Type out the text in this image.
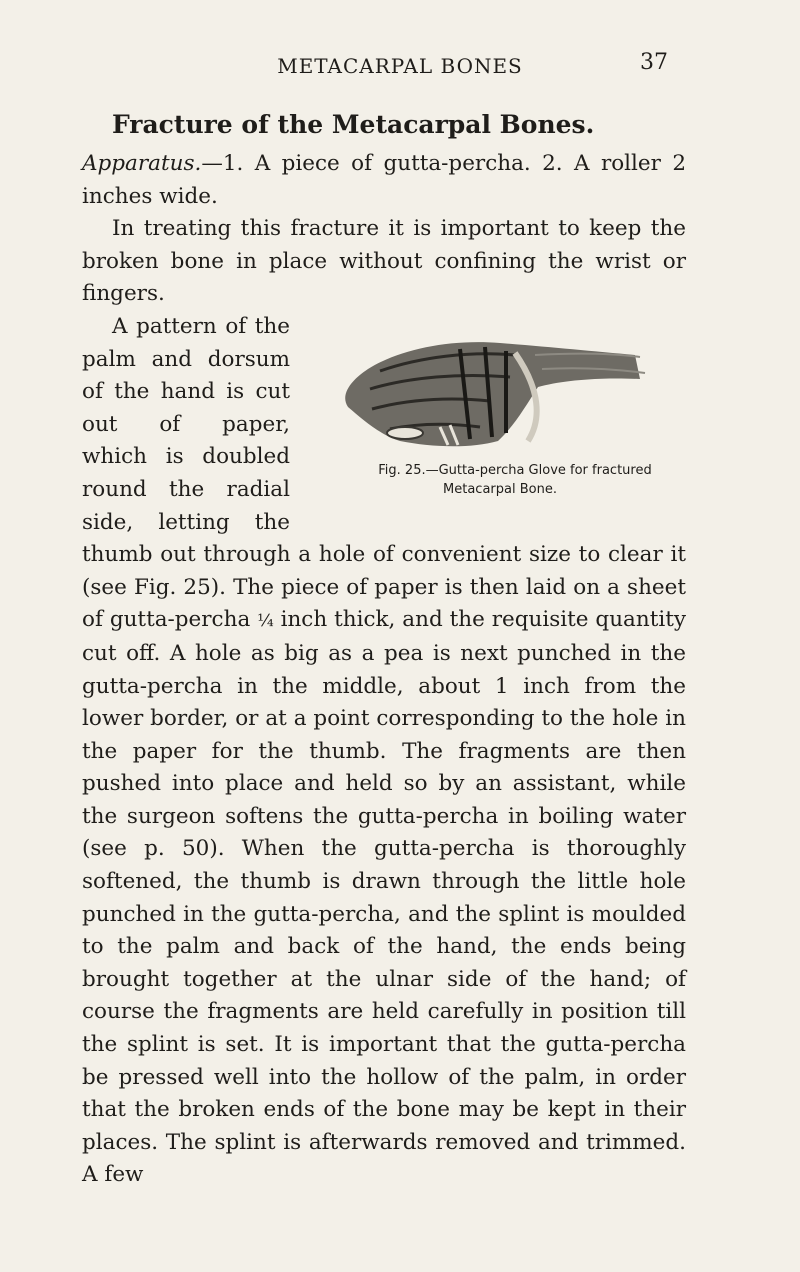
METACARPAL BONES	37
Fracture of the Metacarpal Bones.

Apparatus.—1. A piece of gutta-percha. 2. A roller 2 inches wide.

In treating this fracture it is important to keep the broken bone in place without confining the wrist or fingers.

Fig. 25.—Gutta-percha Glove for fractured
Metacarpal Bone.
A pattern of the palm and dorsum of the hand is cut out of paper, which is doubled round the radial side, letting the thumb out through a hole of convenient size to clear it (see Fig. 25). The piece of paper is then laid on a sheet of gutta-percha ¼ inch thick, and the requisite quantity cut off. A hole as big as a pea is next punched in the gutta-percha in the middle, about 1 inch from the lower border, or at a point corresponding to the hole in the paper for the thumb. The fragments are then pushed into place and held so by an assistant, while the surgeon softens the gutta-percha in boiling water (see p. 50). When the gutta-percha is thoroughly softened, the thumb is drawn through the little hole punched in the gutta-percha, and the splint is moulded to the palm and back of the hand, the ends being brought together at the ulnar side of the hand; of course the fragments are held carefully in position till the splint is set. It is important that the gutta-percha be pressed well into the hollow of the palm, in order that the broken ends of the bone may be kept in their places. The splint is afterwards removed and trimmed. A few
